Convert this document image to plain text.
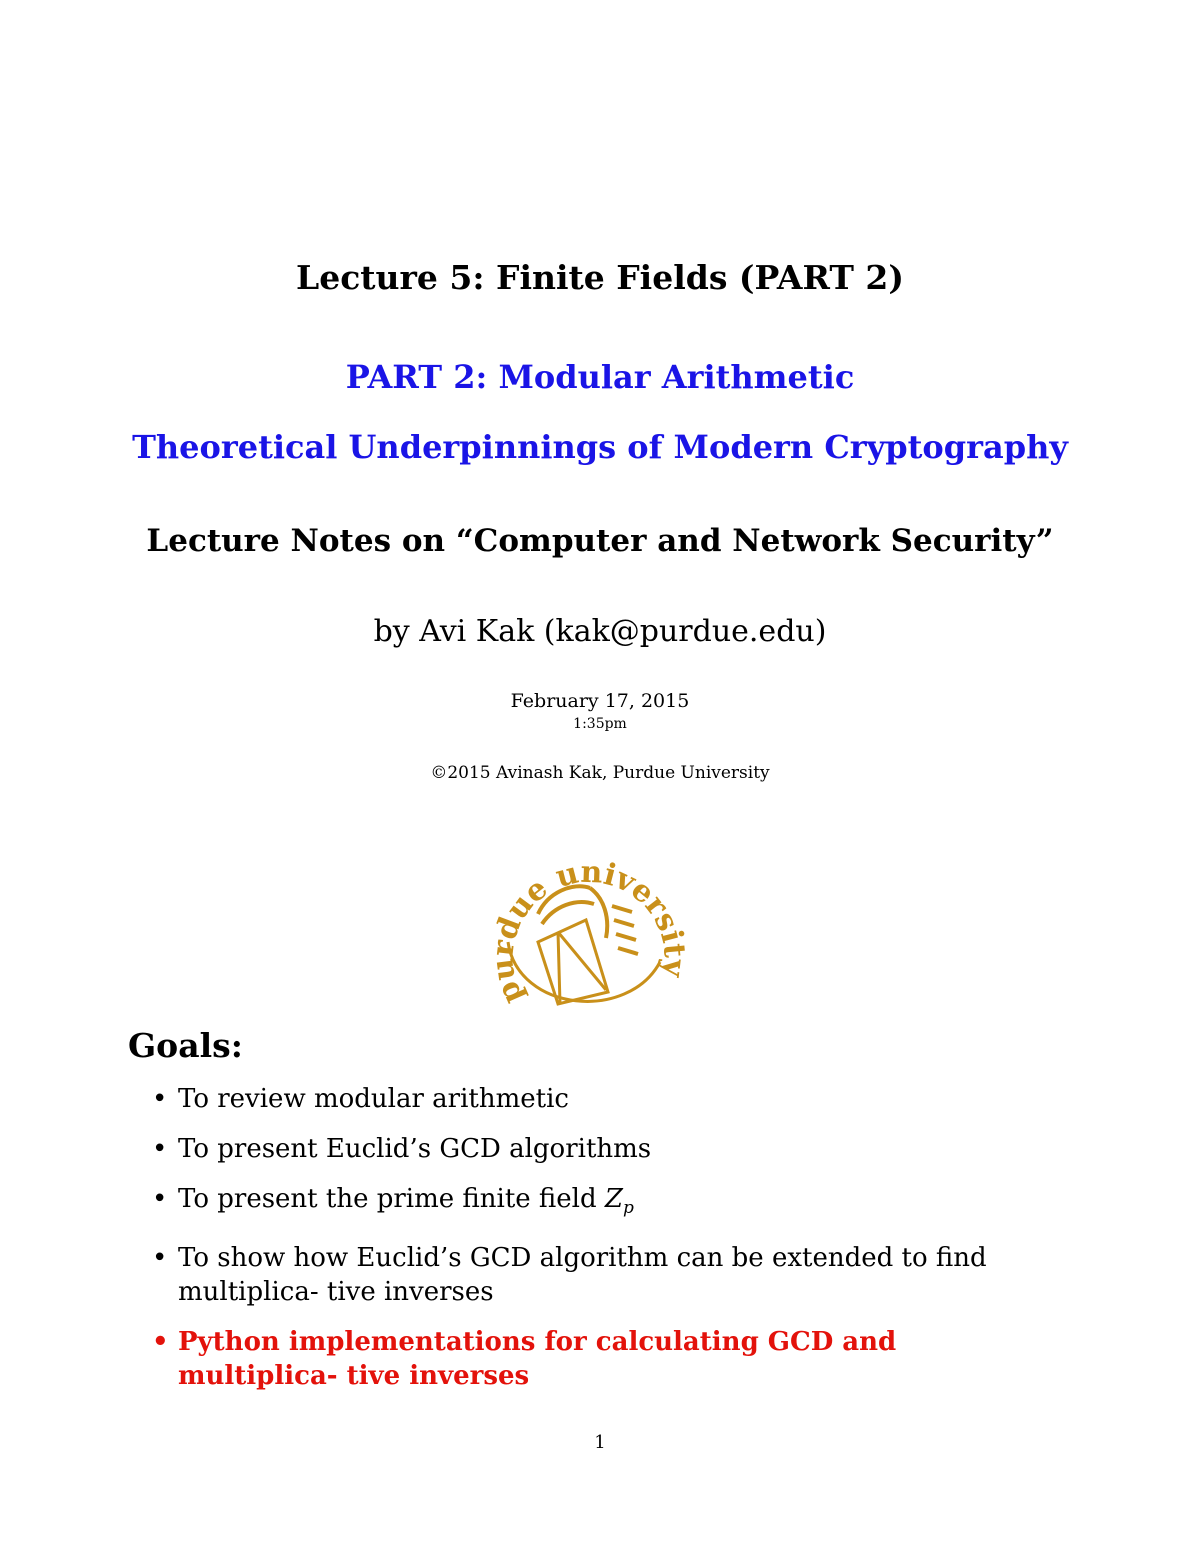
Lecture 5: Finite Fields (PART 2)
PART 2: Modular Arithmetic
Theoretical Underpinnings of Modern Cryptography
Lecture Notes on “Computer and Network Security”
by Avi Kak (kak@purdue.edu)
February 17, 2015
1:35pm
©2015 Avinash Kak, Purdue University
purdue university
Goals:
• To review modular arithmetic
• To present Euclid’s GCD algorithms
• To present the prime finite field $Z_p$
• To show how Euclid’s GCD algorithm can be extended to find multiplica- tive inverses
• Python implementations for calculating GCD and multiplica- tive inverses
1
